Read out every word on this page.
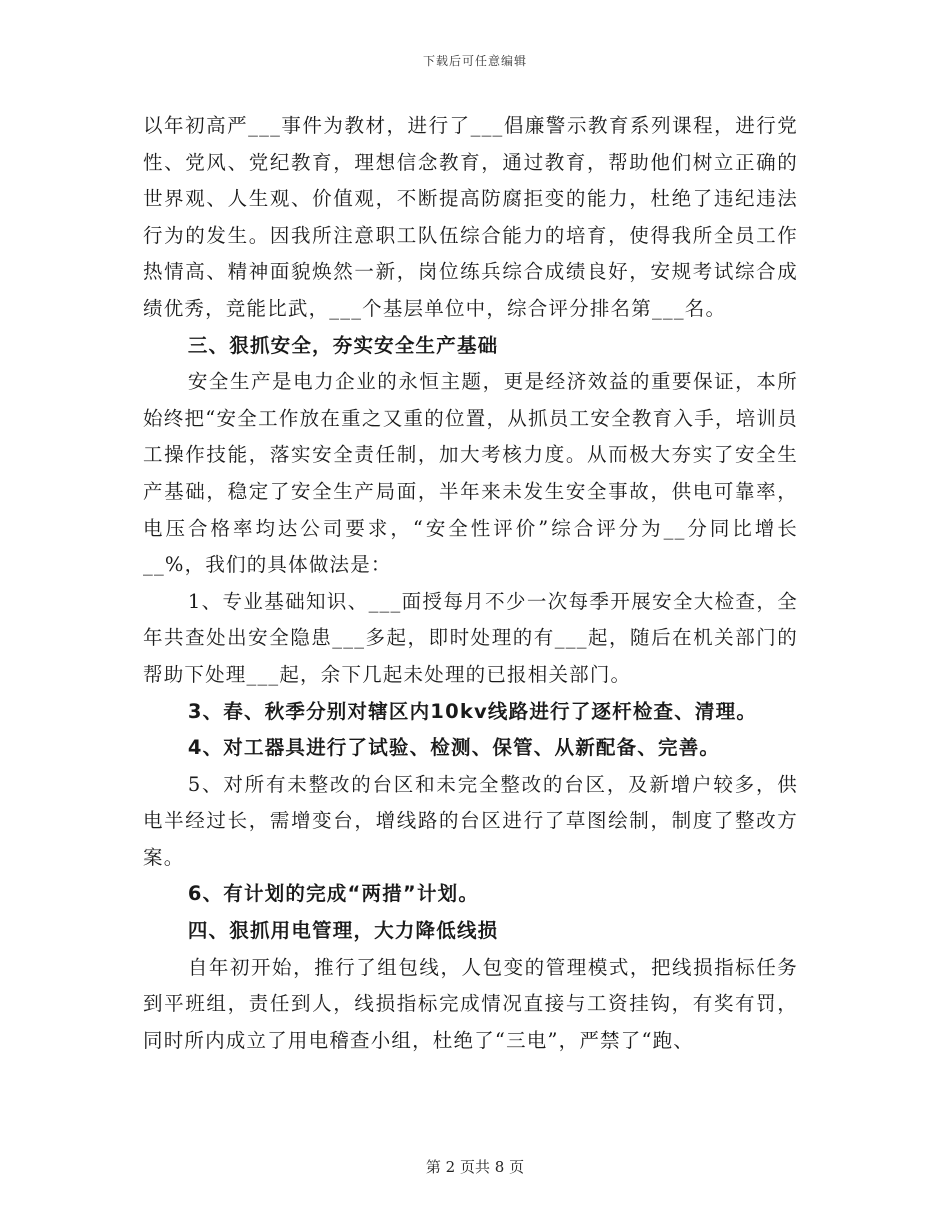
下载后可任意编辑

以年初高严___事件为教材，进行了___倡廉警示教育系列课程，进行党性、党风、党纪教育，理想信念教育，通过教育，帮助他们树立正确的世界观、人生观、价值观，不断提高防腐拒变的能力，杜绝了违纪违法行为的发生。因我所注意职工队伍综合能力的培育，使得我所全员工作热情高、精神面貌焕然一新，岗位练兵综合成绩良好，安规考试综合成绩优秀，竞能比武，___个基层单位中，综合评分排名第___名。

三、狠抓安全，夯实安全生产基础

安全生产是电力企业的永恒主题，更是经济效益的重要保证，本所始终把“安全工作放在重之又重的位置，从抓员工安全教育入手，培训员工操作技能，落实安全责任制，加大考核力度。从而极大夯实了安全生产基础，稳定了安全生产局面，半年来未发生安全事故，供电可靠率，电压合格率均达公司要求，“安全性评价”综合评分为__分同比增长__%，我们的具体做法是：

1、专业基础知识、___面授每月不少一次每季开展安全大检查，全年共查处出安全隐患___多起，即时处理的有___起，随后在机关部门的帮助下处理___起，余下几起未处理的已报相关部门。

3、春、秋季分别对辖区内10kv线路进行了逐杆检查、清理。

4、对工器具进行了试验、检测、保管、从新配备、完善。

5、对所有未整改的台区和未完全整改的台区，及新增户较多，供电半经过长，需增变台，增线路的台区进行了草图绘制，制度了整改方案。

6、有计划的完成“两措”计划。

四、狠抓用电管理，大力降低线损

自年初开始，推行了组包线，人包变的管理模式，把线损指标任务到平班组，责任到人，线损指标完成情况直接与工资挂钩，有奖有罚，同时所内成立了用电稽查小组，杜绝了“三电”，严禁了“跑、

第 2 页共 8 页
